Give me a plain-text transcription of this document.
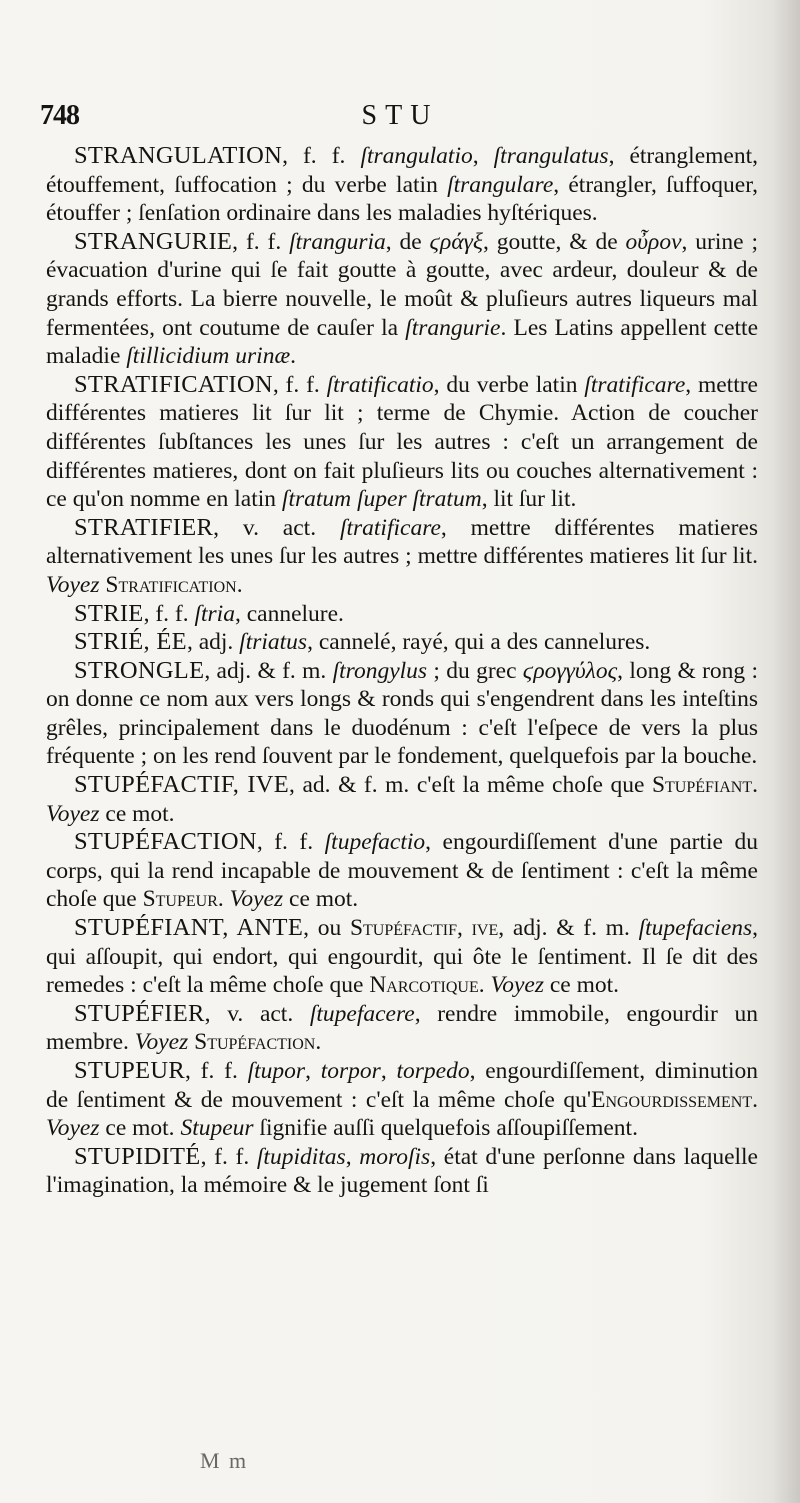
748	STU

STRANGULATION, f. f. ſtrangulatio, ſtrangulatus, étranglement, étouffement, ſuffocation ; du verbe latin ſtrangulare, étrangler, ſuffoquer, étouffer ; ſenſation ordinaire dans les maladies hyſtériques.

STRANGURIE, f. f. ſtranguria, de ϛράγξ, goutte, & de οὖρον, urine ; évacuation d'urine qui ſe fait goutte à goutte, avec ardeur, douleur & de grands efforts. La bierre nouvelle, le moût & pluſieurs autres liqueurs mal fermentées, ont coutume de cauſer la ſtrangurie. Les Latins appellent cette maladie ſtillicidium urinæ.

STRATIFICATION, f. f. ſtratificatio, du verbe latin ſtratificare, mettre différentes matieres lit ſur lit ; terme de Chymie. Action de coucher différentes ſubſtances les unes ſur les autres : c'eſt un arrangement de différentes matieres, dont on fait pluſieurs lits ou couches alternativement : ce qu'on nomme en latin ſtratum ſuper ſtratum, lit ſur lit.

STRATIFIER, v. act. ſtratificare, mettre différentes matieres alternativement les unes ſur les autres ; mettre différentes matieres lit ſur lit. Voyez Stratification.

STRIE, f. f. ſtria, cannelure.

STRIÉ, ÉE, adj. ſtriatus, cannelé, rayé, qui a des cannelures.

STRONGLE, adj. & f. m. ſtrongylus ; du grec ϛρογγύλος, long & rong : on donne ce nom aux vers longs & ronds qui s'engendrent dans les inteſtins grêles, principalement dans le duodénum : c'eſt l'eſpece de vers la plus fréquente ; on les rend ſouvent par le fondement, quelquefois par la bouche.

STUPÉFACTIF, IVE, ad. & f. m. c'eſt la même choſe que Stupéfiant. Voyez ce mot.

STUPÉFACTION, f. f. ſtupefactio, engourdiſſement d'une partie du corps, qui la rend incapable de mouvement & de ſentiment : c'eſt la même choſe que Stupeur. Voyez ce mot.

STUPÉFIANT, ANTE, ou Stupéfactif, ive, adj. & f. m. ſtupefaciens, qui aſſoupit, qui endort, qui engourdit, qui ôte le ſentiment. Il ſe dit des remedes : c'eſt la même choſe que Narcotique. Voyez ce mot.

STUPÉFIER, v. act. ſtupefacere, rendre immobile, engourdir un membre. Voyez Stupéfaction.

STUPEUR, f. f. ſtupor, torpor, torpedo, engourdiſſement, diminution de ſentiment & de mouvement : c'eſt la même choſe qu'Engourdissement. Voyez ce mot. Stupeur ſignifie auſſi quelquefois aſſoupiſſement.

STUPIDITÉ, f. f. ſtupiditas, moroſis, état d'une perſonne dans laquelle l'imagination, la mémoire & le jugement ſont ſi

M m
